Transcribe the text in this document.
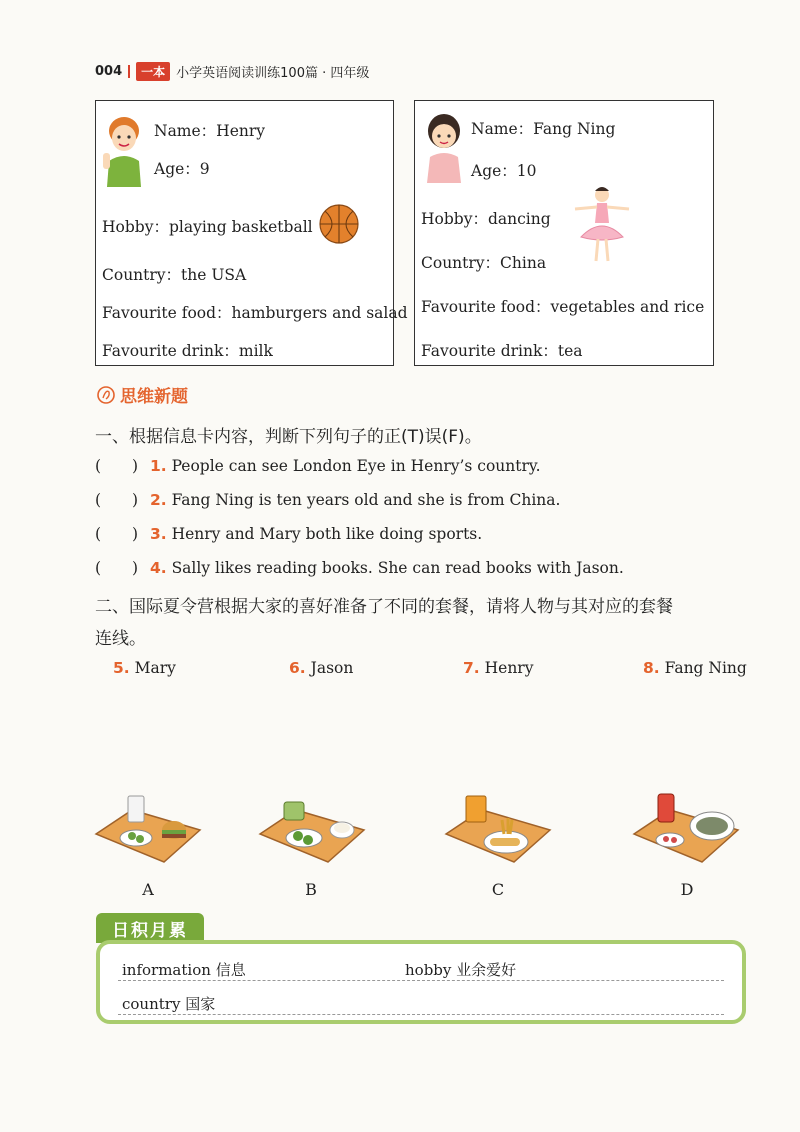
004	一本 小学英语阅读训练100篇 · 四年级
Name：Henry
Age：9
Hobby：playing basketball
Country：the USA
Favourite food：hamburgers and salad
Favourite drink：milk
Name：Fang Ning
Age：10
Hobby：dancing
Country：China
Favourite food：vegetables and rice
Favourite drink：tea
思维新题
一、根据信息卡内容，判断下列句子的正(T)误(F)。
(　　) 1. People can see London Eye in Henry’s country.
(　　) 2. Fang Ning is ten years old and she is from China.
(　　) 3. Henry and Mary both like doing sports.
(　　) 4. Sally likes reading books. She can read books with Jason.
二、国际夏令营根据大家的喜好准备了不同的套餐，请将人物与其对应的套餐
连线。
5. Mary	6. Jason	7. Henry	8. Fang Ning
A	B	C	D
日积月累
information 信息	hobby 业余爱好
country 国家
